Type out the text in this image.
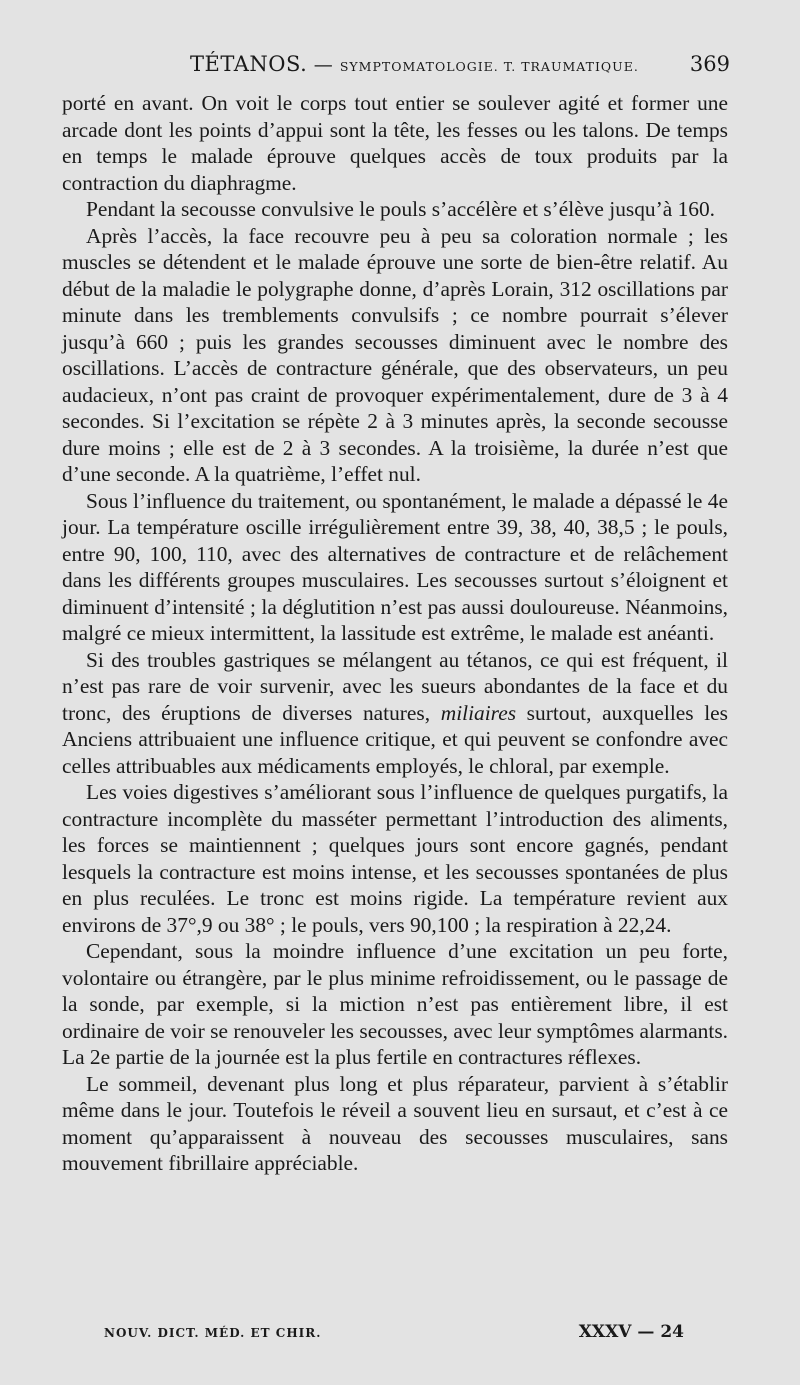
TÉTANOS. — SYMPTOMATOLOGIE. T. TRAUMATIQUE. 369

porté en avant. On voit le corps tout entier se soulever agité et former une arcade dont les points d’appui sont la tête, les fesses ou les talons. De temps en temps le malade éprouve quelques accès de toux produits par la contraction du diaphragme.

Pendant la secousse convulsive le pouls s’accélère et s’élève jusqu’à 160.

Après l’accès, la face recouvre peu à peu sa coloration normale ; les muscles se détendent et le malade éprouve une sorte de bien-être relatif. Au début de la maladie le polygraphe donne, d’après Lorain, 312 oscillations par minute dans les tremblements convulsifs ; ce nombre pourrait s’élever jusqu’à 660 ; puis les grandes secousses diminuent avec le nombre des oscillations. L’accès de contracture générale, que des observateurs, un peu audacieux, n’ont pas craint de provoquer expérimentalement, dure de 3 à 4 secondes. Si l’excitation se répète 2 à 3 minutes après, la seconde secousse dure moins ; elle est de 2 à 3 secondes. A la troisième, la durée n’est que d’une seconde. A la quatrième, l’effet nul.

Sous l’influence du traitement, ou spontanément, le malade a dépassé le 4e jour. La température oscille irrégulièrement entre 39, 38, 40, 38,5 ; le pouls, entre 90, 100, 110, avec des alternatives de contracture et de relâchement dans les différents groupes musculaires. Les secousses surtout s’éloignent et diminuent d’intensité ; la déglutition n’est pas aussi douloureuse. Néanmoins, malgré ce mieux intermittent, la lassitude est extrême, le malade est anéanti.

Si des troubles gastriques se mélangent au tétanos, ce qui est fréquent, il n’est pas rare de voir survenir, avec les sueurs abondantes de la face et du tronc, des éruptions de diverses natures, miliaires surtout, auxquelles les Anciens attribuaient une influence critique, et qui peuvent se confondre avec celles attribuables aux médicaments employés, le chloral, par exemple.

Les voies digestives s’améliorant sous l’influence de quelques purgatifs, la contracture incomplète du masséter permettant l’introduction des aliments, les forces se maintiennent ; quelques jours sont encore gagnés, pendant lesquels la contracture est moins intense, et les secousses spontanées de plus en plus reculées. Le tronc est moins rigide. La température revient aux environs de 37°,9 ou 38° ; le pouls, vers 90,100 ; la respiration à 22,24.

Cependant, sous la moindre influence d’une excitation un peu forte, volontaire ou étrangère, par le plus minime refroidissement, ou le passage de la sonde, par exemple, si la miction n’est pas entièrement libre, il est ordinaire de voir se renouveler les secousses, avec leur symptômes alarmants. La 2e partie de la journée est la plus fertile en contractures réflexes.

Le sommeil, devenant plus long et plus réparateur, parvient à s’établir même dans le jour. Toutefois le réveil a souvent lieu en sursaut, et c’est à ce moment qu’apparaissent à nouveau des secousses musculaires, sans mouvement fibrillaire appréciable.

NOUV. DICT. MÉD. ET CHIR.	XXXV — 24
